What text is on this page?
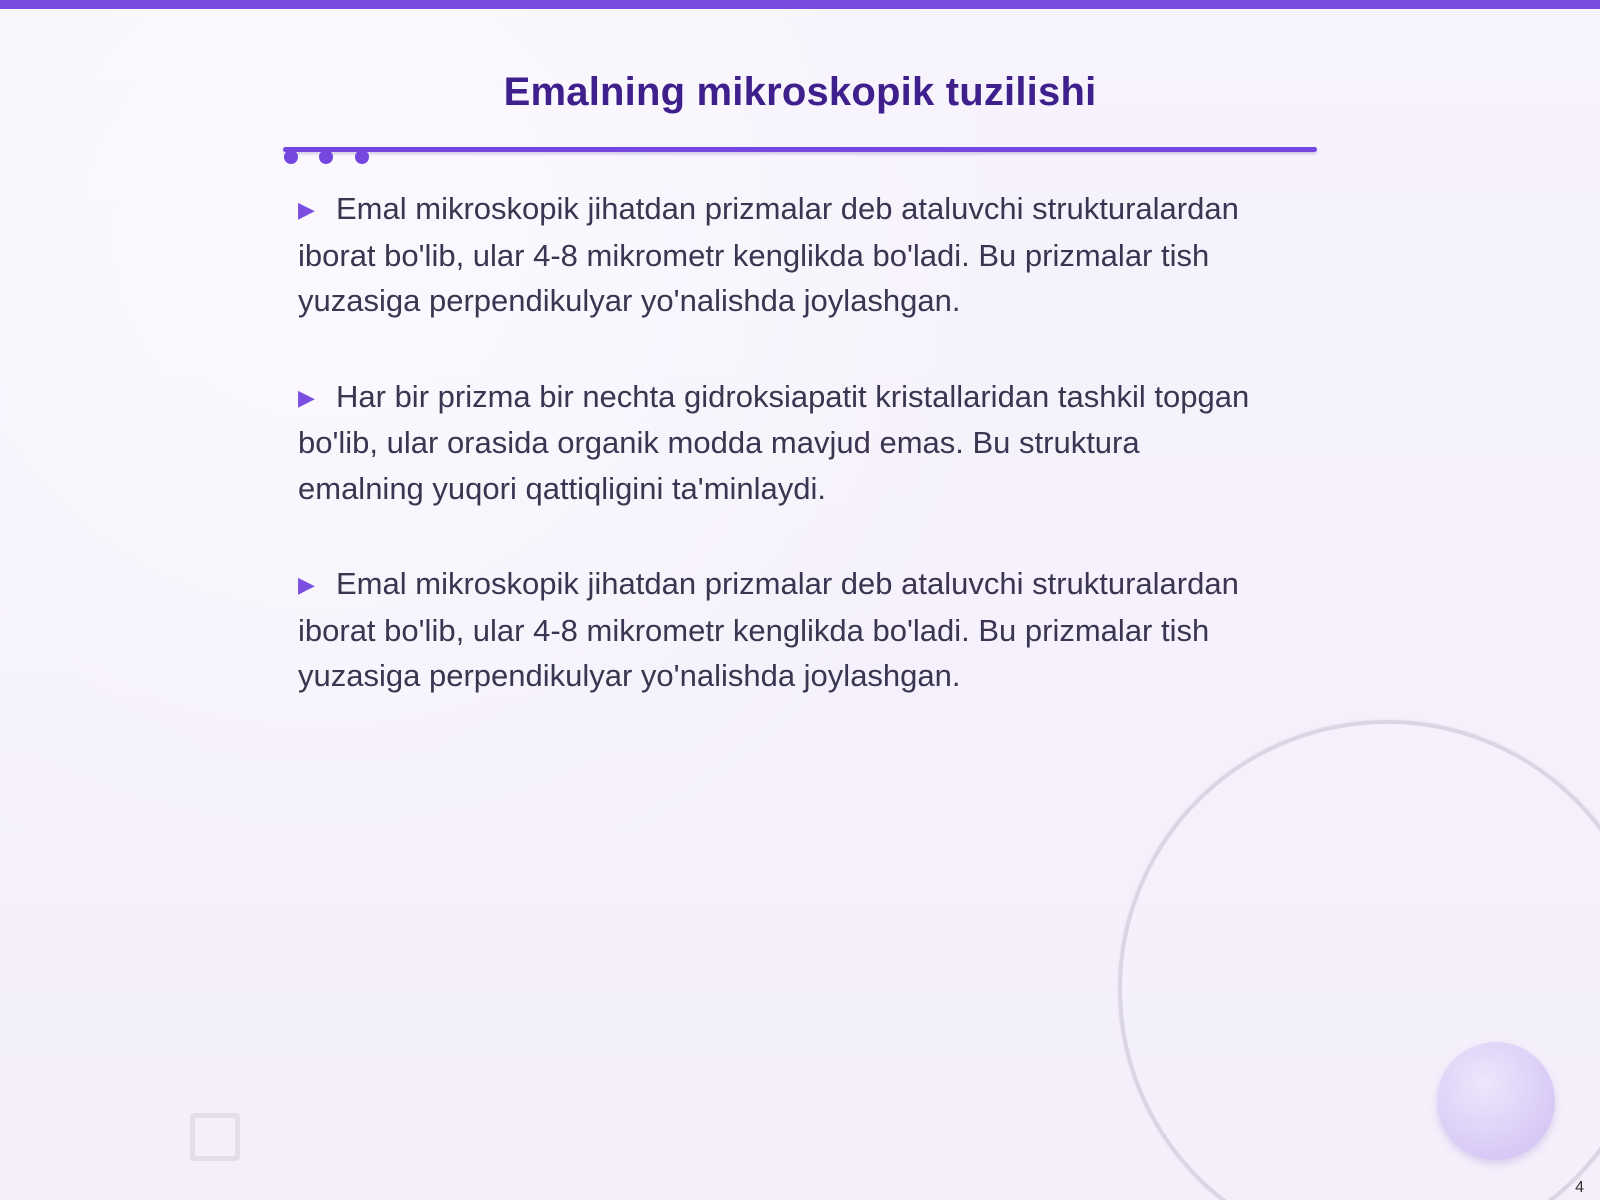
Emalning mikroskopik tuzilishi

▶ Emal mikroskopik jihatdan prizmalar deb ataluvchi strukturalardan iborat bo'lib, ular 4-8 mikrometr kenglikda bo'ladi. Bu prizmalar tish yuzasiga perpendikulyar yo'nalishda joylashgan.

▶ Har bir prizma bir nechta gidroksiapatit kristallaridan tashkil topgan bo'lib, ular orasida organik modda mavjud emas. Bu struktura emalning yuqori qattiqligini ta'minlaydi.

▶ Emal mikroskopik jihatdan prizmalar deb ataluvchi strukturalardan iborat bo'lib, ular 4-8 mikrometr kenglikda bo'ladi. Bu prizmalar tish yuzasiga perpendikulyar yo'nalishda joylashgan.

4
